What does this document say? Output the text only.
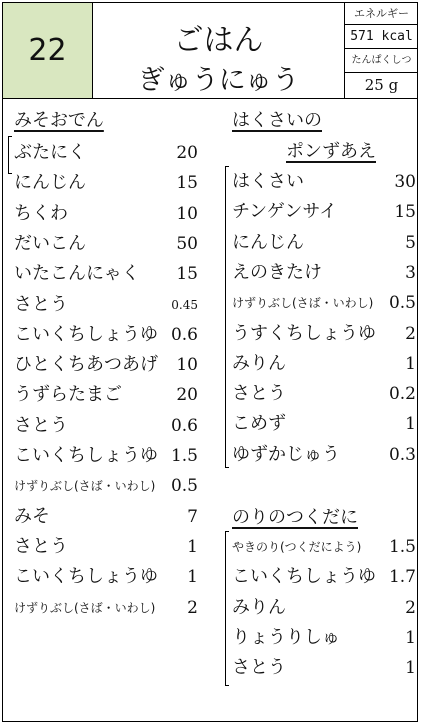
22	ごはん
ぎゅうにゅう
エネルギー
571 kcal
たんぱくしつ
25 g
みそおでん
ぶたにく	20
にんじん	15
ちくわ	10
だいこん	50
いたこんにゃく 15
さとう	0.45
こいくちしょうゆ 0.6
ひとくちあつあげ 10
うずらたまご	20
さとう	0.6
こいくちしょうゆ 1.5
けずりぶし(さば・いわし) 0.5
みそ	7
さとう	1
こいくちしょうゆ 1
けずりぶし(さば・いわし) 2
はくさいの
ポンずあえ
はくさい	30
チンゲンサイ	15
にんじん	5
えのきたけ	3
けずりぶし(さば・いわし) 0.5
うすくちしょうゆ 2
みりん	1
さとう	0.2
こめず	1
ゆずかじゅう	0.3
のりのつくだに
やきのり(つくだによう) 1.5
こいくちしょうゆ 1.7
みりん	2
りょうりしゅ	1
さとう	1
